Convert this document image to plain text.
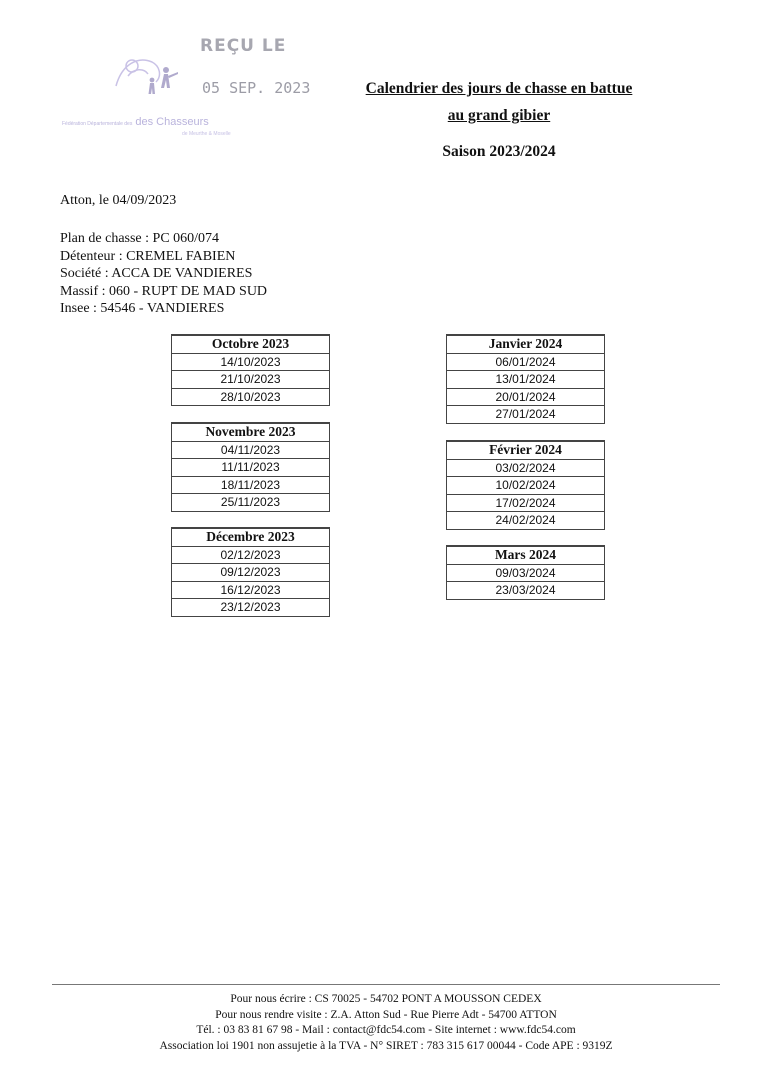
REÇU LE
05 SEP. 2023
Fédération Départementale des des Chasseurs
de Meurthe & Moselle
Calendrier des jours de chasse en battue
au grand gibier
Saison 2023/2024
Atton, le 04/09/2023
Plan de chasse : PC 060/074
Détenteur : CREMEL FABIEN
Société : ACCA DE VANDIERES
Massif : 060 - RUPT DE MAD SUD
Insee : 54546 - VANDIERES
Octobre 2023
14/10/2023
21/10/2023
28/10/2023
Novembre 2023
04/11/2023
11/11/2023
18/11/2023
25/11/2023
Décembre 2023
02/12/2023
09/12/2023
16/12/2023
23/12/2023
Janvier 2024
06/01/2024
13/01/2024
20/01/2024
27/01/2024
Février 2024
03/02/2024
10/02/2024
17/02/2024
24/02/2024
Mars 2024
09/03/2024
23/03/2024
Pour nous écrire : CS 70025 - 54702 PONT A MOUSSON CEDEX
Pour nous rendre visite : Z.A. Atton Sud - Rue Pierre Adt - 54700 ATTON
Tél. : 03 83 81 67 98 - Mail : contact@fdc54.com - Site internet : www.fdc54.com
Association loi 1901 non assujetie à la TVA - N° SIRET : 783 315 617 00044 - Code APE : 9319Z
